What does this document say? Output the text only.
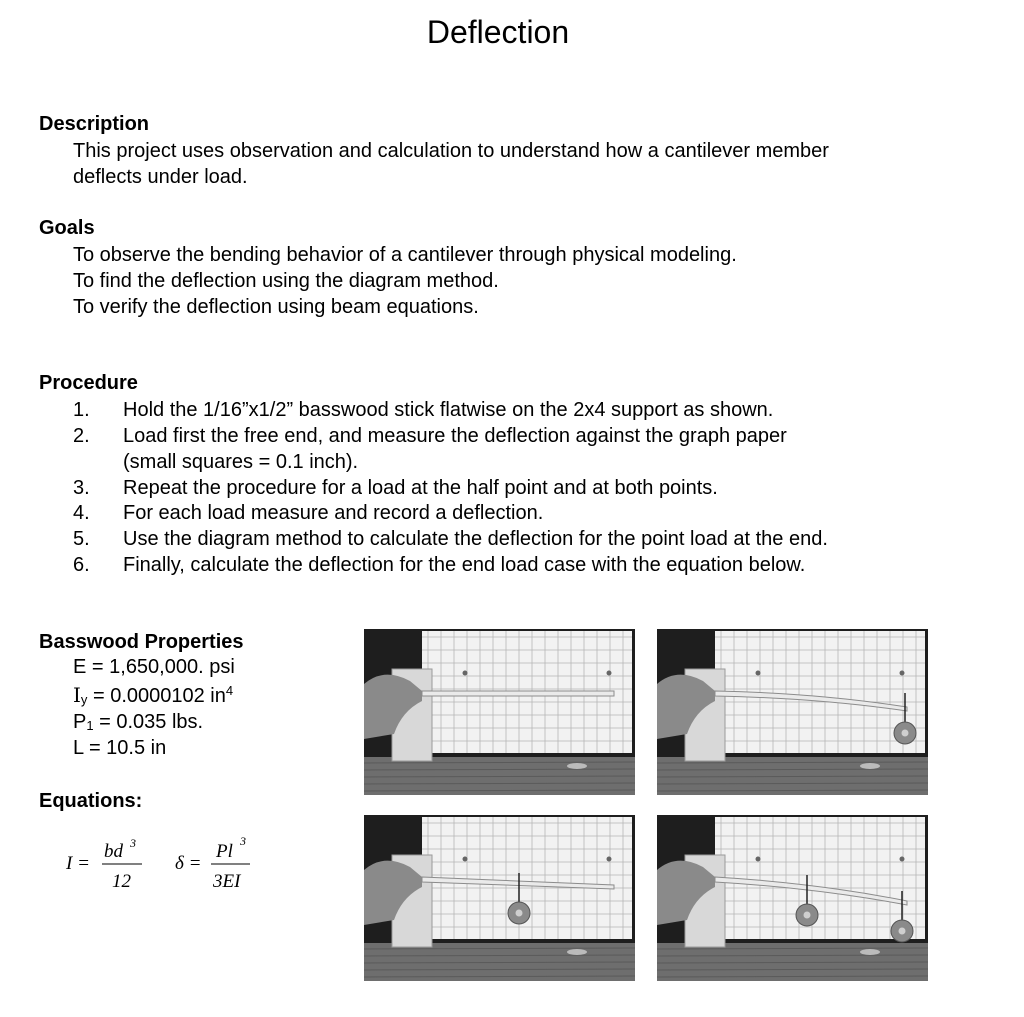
Deflection
Description
This project uses observation and calculation to understand how a cantilever member
deflects under load.
Goals
To observe the bending behavior of a cantilever through physical modeling.
To find the deflection using the diagram method.
To verify the deflection using beam equations.
Procedure
1. Hold the 1/16”x1/2” basswood stick flatwise on the 2x4 support as shown.
2. Load first the free end, and measure the deflection against the graph paper
(small squares = 0.1 inch).
3. Repeat the procedure for a load at the half point and at both points.
4. For each load measure and record a deflection.
5. Use the diagram method to calculate the deflection for the point load at the end.
6. Finally, calculate the deflection for the end load case with the equation below.
Basswood Properties
E = 1,650,000. psi
$I_y = 0.0000102$ $in^4$
$P_1 = 0.035$ lbs.
L = 10.5 in
Equations:
I =
bd 3
12
δ =
Pl 3
3EI
